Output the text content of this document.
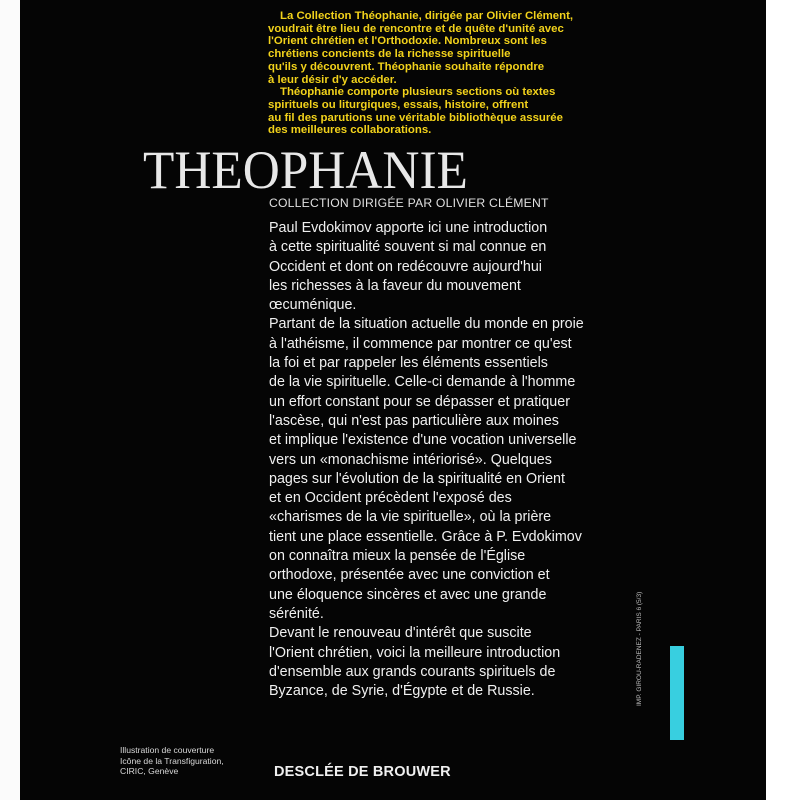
La Collection Théophanie, dirigée par Olivier Clément,
voudrait être lieu de rencontre et de quête d'unité avec
l'Orient chrétien et l'Orthodoxie. Nombreux sont les
chrétiens concients de la richesse spirituelle
qu'ils y découvrent. Théophanie souhaite répondre
à leur désir d'y accéder.

Théophanie comporte plusieurs sections où textes
spirituels ou liturgiques, essais, histoire, offrent
au fil des parutions une véritable bibliothèque assurée
des meilleures collaborations.

THEOPHANIE
COLLECTION DIRIGÉE PAR OLIVIER CLÉMENT

Paul Evdokimov apporte ici une introduction
à cette spiritualité souvent si mal connue en
Occident et dont on redécouvre aujourd'hui
les richesses à la faveur du mouvement
œcuménique.

Partant de la situation actuelle du monde en proie
à l'athéisme, il commence par montrer ce qu'est
la foi et par rappeler les éléments essentiels
de la vie spirituelle. Celle-ci demande à l'homme
un effort constant pour se dépasser et pratiquer
l'ascèse, qui n'est pas particulière aux moines
et implique l'existence d'une vocation universelle
vers un «monachisme intériorisé». Quelques
pages sur l'évolution de la spiritualité en Orient
et en Occident précèdent l'exposé des
«charismes de la vie spirituelle», où la prière
tient une place essentielle. Grâce à P. Evdokimov
on connaîtra mieux la pensée de l'Église
orthodoxe, présentée avec une conviction et
une éloquence sincères et avec une grande
sérénité.

Devant le renouveau d'intérêt que suscite
l'Orient chrétien, voici la meilleure introduction
d'ensemble aux grands courants spirituels de
Byzance, de Syrie, d'Égypte et de Russie.

Illustration de couverture
Icône de la Transfiguration,
CIRIC, Genève	DESCLÉE DE BROUWER
IMP. GIROU-RADENEZ - PARIS 6 (5/3)
